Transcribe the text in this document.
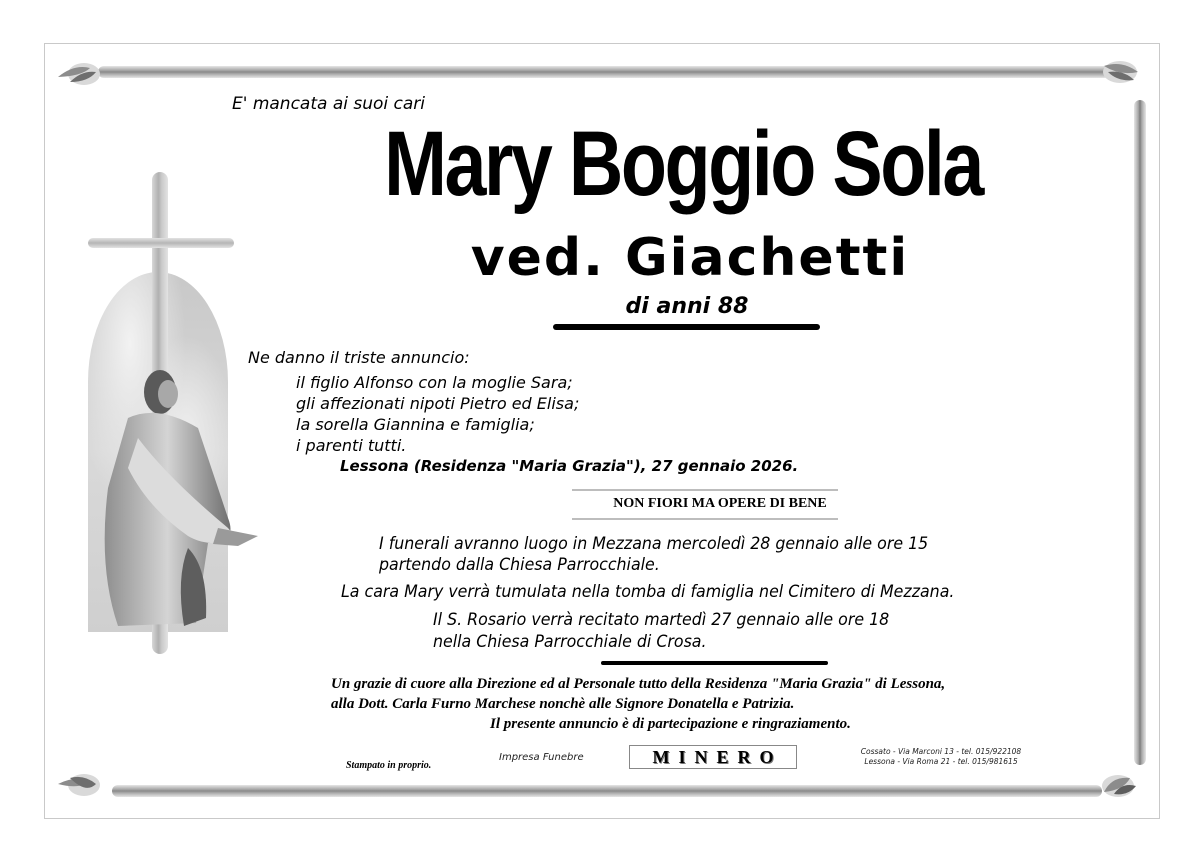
E' mancata ai suoi cari
Mary Boggio Sola
ved. Giachetti
di anni 88
Ne danno il triste annuncio:
il figlio Alfonso con la moglie Sara;
gli affezionati nipoti Pietro ed Elisa;
la sorella Giannina e famiglia;
i parenti tutti.
Lessona (Residenza "Maria Grazia"), 27 gennaio 2026.
NON FIORI MA OPERE DI BENE
I funerali avranno luogo in Mezzana mercoledì 28 gennaio alle ore 15
partendo dalla Chiesa Parrocchiale.
La cara Mary verrà tumulata nella tomba di famiglia nel Cimitero di Mezzana.
Il S. Rosario verrà recitato martedì 27 gennaio alle ore 18
nella Chiesa Parrocchiale di Crosa.
Un grazie di cuore alla Direzione ed al Personale tutto della Residenza "Maria Grazia" di Lessona,
alla Dott. Carla Furno Marchese nonchè alle Signore Donatella e Patrizia.
Il presente annuncio è di partecipazione e ringraziamento.
Stampato in proprio.
Impresa Funebre	MINERO	Cossato - Via Marconi 13 - tel. 015/922108
Lessona - Via Roma 21 - tel. 015/981615
